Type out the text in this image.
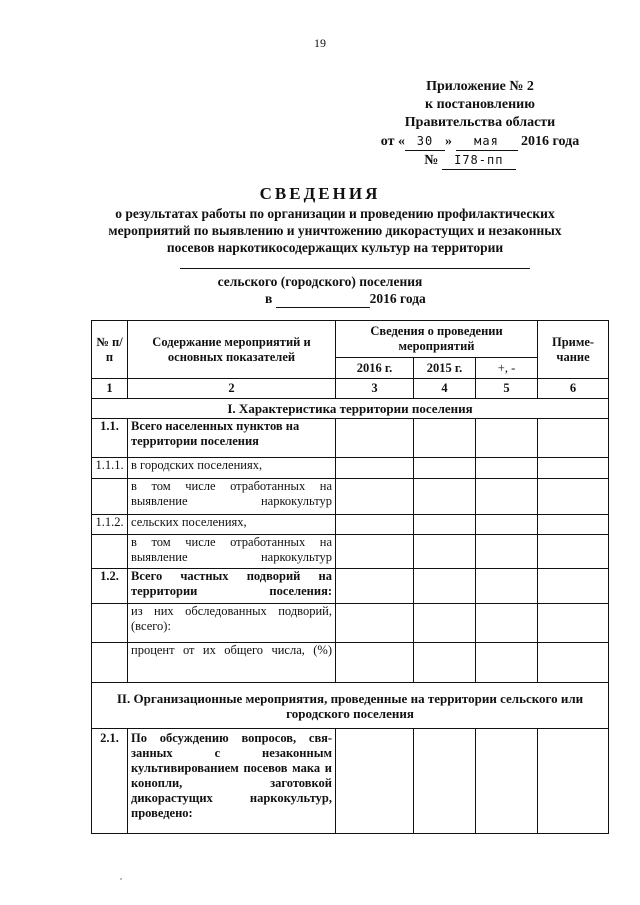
19
Приложение № 2
к постановлению
Правительства области
от « 30 » мая 2016 года
№ I78-пп
СВЕДЕНИЯ
о результатах работы по организации и проведению профилактических мероприятий по выявлению и уничтожению дикорастущих и незаконных посевов наркотикосодержащих культур на территории
сельского (городского) поселения
в	2016 года
№ п/п	Содержание мероприятий и основных показателей	Сведения о проведении мероприятий			Приме-чание
		2016 г.	2015 г.	+, -	
1	2	3	4	5	6
I. Характеристика территории поселения					
1.1.	Всего населенных пунктов на территории поселения				
1.1.1.	в городских поселениях,				
	в том числе отработанных на выявление наркокультур				
1.1.2.	сельских поселениях,				
	в том числе отработанных на выявление наркокультур				
1.2.	Всего частных подворий на территории поселения:				
	из них обследованных подворий, (всего):				
	процент от их общего числа, (%)				
II. Организационные мероприятия, проведенные на территории сельского или городского поселения					
2.1.	По обсуждению вопросов, свя-занных с незаконным культивированием посевов мака и конопли, заготовкой дикорастущих наркокультур, проведено:				
